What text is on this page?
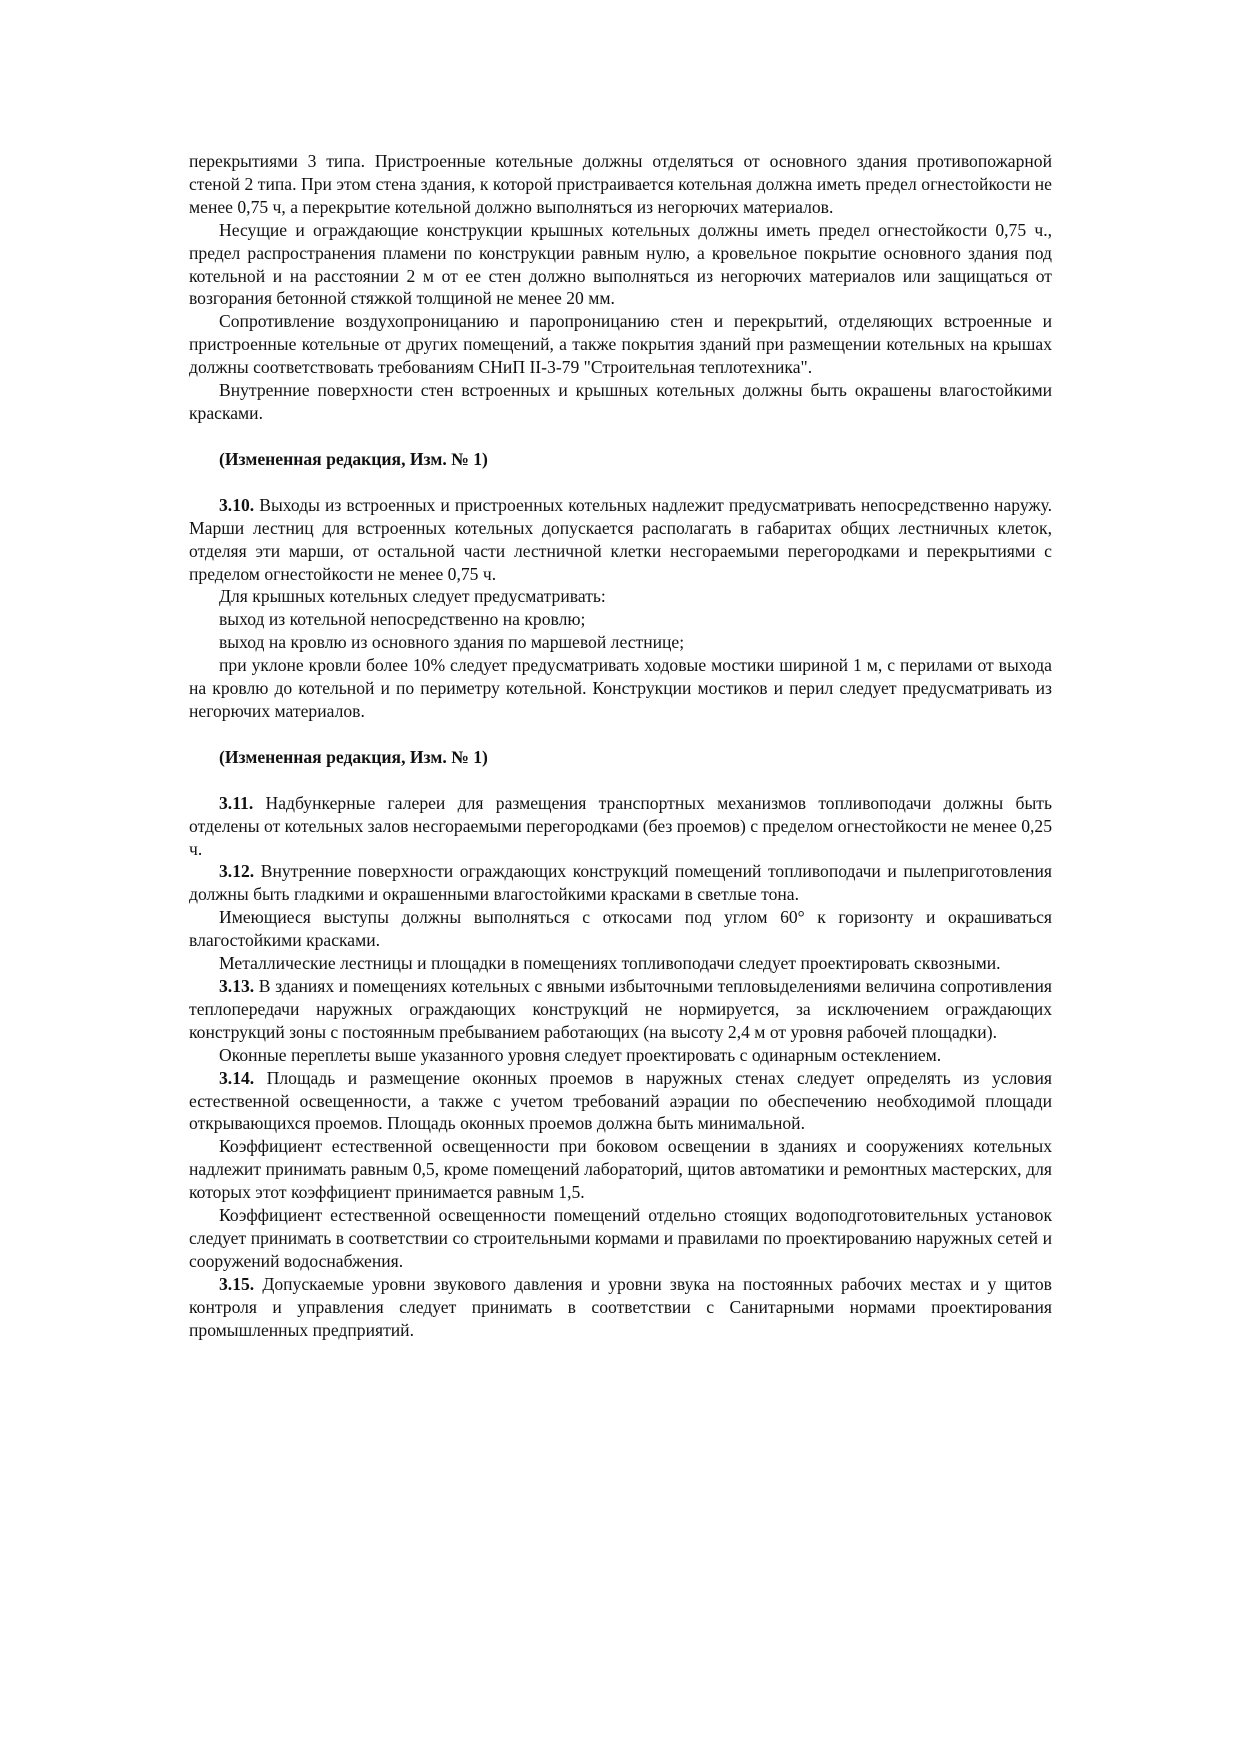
перекрытиями 3 типа. Пристроенные котельные должны отделяться от основного здания противопожарной стеной 2 типа. При этом стена здания, к которой пристраивается котельная должна иметь предел огнестойкости не менее 0,75 ч, а перекрытие котельной должно выполняться из негорючих материалов.

Несущие и ограждающие конструкции крышных котельных должны иметь предел огнестойкости 0,75 ч., предел распространения пламени по конструкции равным нулю, а кровельное покрытие основного здания под котельной и на расстоянии 2 м от ее стен должно выполняться из негорючих материалов или защищаться от возгорания бетонной стяжкой толщиной не менее 20 мм.

Сопротивление воздухопроницанию и паропроницанию стен и перекрытий, отделяющих встроенные и пристроенные котельные от других помещений, а также покрытия зданий при размещении котельных на крышах должны соответствовать требованиям СНиП II-3-79 "Строительная теплотехника".

Внутренние поверхности стен встроенных и крышных котельных должны быть окрашены влагостойкими красками.

(Измененная редакция, Изм. № 1)

3.10. Выходы из встроенных и пристроенных котельных надлежит предусматривать непосредственно наружу. Марши лестниц для встроенных котельных допускается располагать в габаритах общих лестничных клеток, отделяя эти марши, от остальной части лестничной клетки несгораемыми перегородками и перекрытиями с пределом огнестойкости не менее 0,75 ч.

Для крышных котельных следует предусматривать:

выход из котельной непосредственно на кровлю;

выход на кровлю из основного здания по маршевой лестнице;

при уклоне кровли более 10% следует предусматривать ходовые мостики шириной 1 м, с перилами от выхода на кровлю до котельной и по периметру котельной. Конструкции мостиков и перил следует предусматривать из негорючих материалов.

(Измененная редакция, Изм. № 1)

3.11. Надбункерные галереи для размещения транспортных механизмов топливоподачи должны быть отделены от котельных залов несгораемыми перегородками (без проемов) с пределом огнестойкости не менее 0,25 ч.

3.12. Внутренние поверхности ограждающих конструкций помещений топливоподачи и пылеприготовления должны быть гладкими и окрашенными влагостойкими красками в светлые тона.

Имеющиеся выступы должны выполняться с откосами под углом 60° к горизонту и окрашиваться влагостойкими красками.

Металлические лестницы и площадки в помещениях топливоподачи следует проектировать сквозными.

3.13. В зданиях и помещениях котельных с явными избыточными тепловыделениями величина сопротивления теплопередачи наружных ограждающих конструкций не нормируется, за исключением ограждающих конструкций зоны с постоянным пребыванием работающих (на высоту 2,4 м от уровня рабочей площадки).

Оконные переплеты выше указанного уровня следует проектировать с одинарным остеклением.

3.14. Площадь и размещение оконных проемов в наружных стенах следует определять из условия естественной освещенности, а также с учетом требований аэрации по обеспечению необходимой площади открывающихся проемов. Площадь оконных проемов должна быть минимальной.

Коэффициент естественной освещенности при боковом освещении в зданиях и сооружениях котельных надлежит принимать равным 0,5, кроме помещений лабораторий, щитов автоматики и ремонтных мастерских, для которых этот коэффициент принимается равным 1,5.

Коэффициент естественной освещенности помещений отдельно стоящих водоподготовительных установок следует принимать в соответствии со строительными кормами и правилами по проектированию наружных сетей и сооружений водоснабжения.

3.15. Допускаемые уровни звукового давления и уровни звука на постоянных рабочих местах и у щитов контроля и управления следует принимать в соответствии с Санитарными нормами проектирования промышленных предприятий.
